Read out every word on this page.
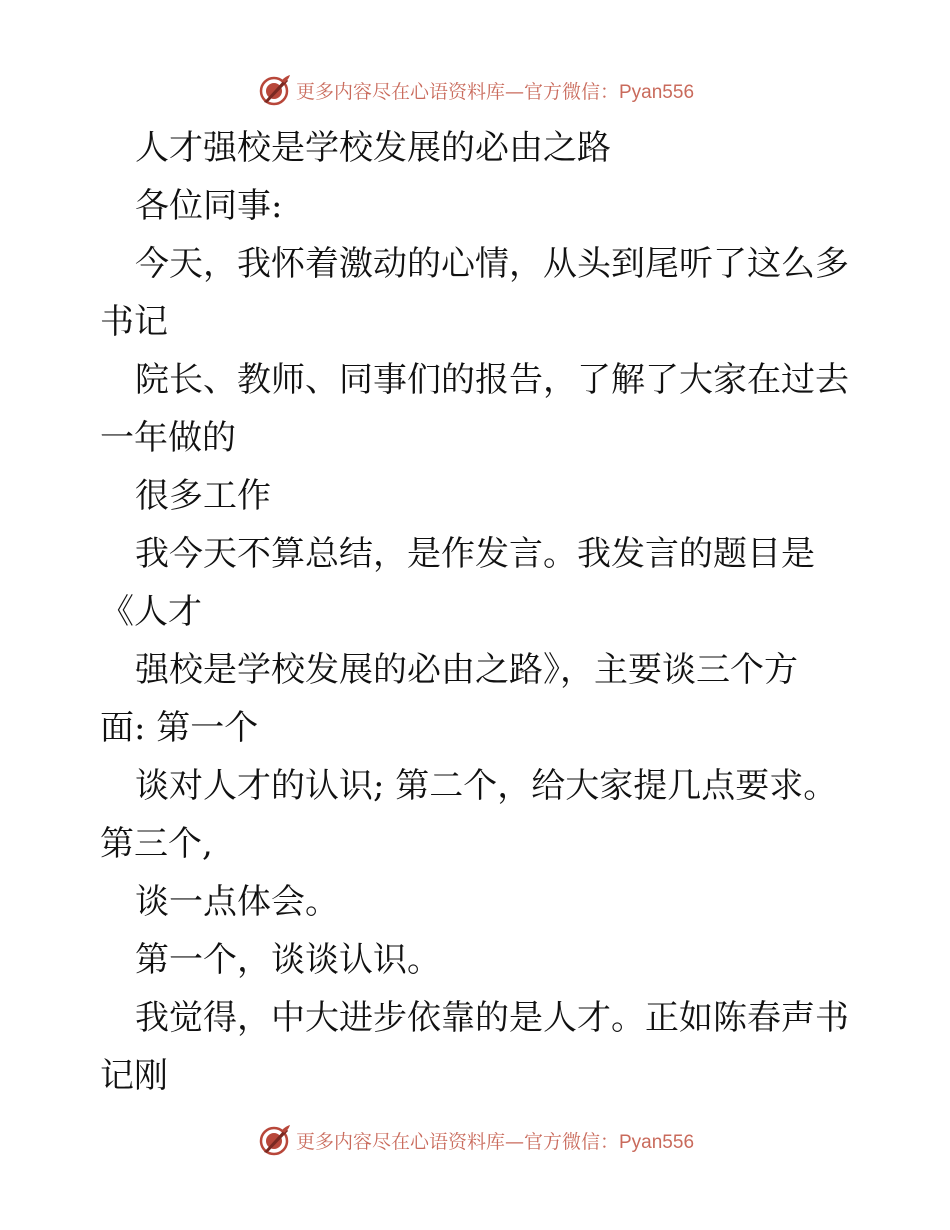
更多内容尽在心语资料库—官方微信：Pyan556
人才强校是学校发展的必由之路
各位同事:
今天，我怀着激动的心情，从头到尾听了这么多
书记
院长、教师、同事们的报告，了解了大家在过去
一年做的
很多工作
我今天不算总结，是作发言。我发言的题目是
《人才
强校是学校发展的必由之路》，主要谈三个方
面: 第一个
谈对人才的认识; 第二个，给大家提几点要求。
第三个,
谈一点体会。
第一个，谈谈认识。
我觉得，中大进步依靠的是人才。正如陈春声书
记刚
更多内容尽在心语资料库—官方微信：Pyan556
